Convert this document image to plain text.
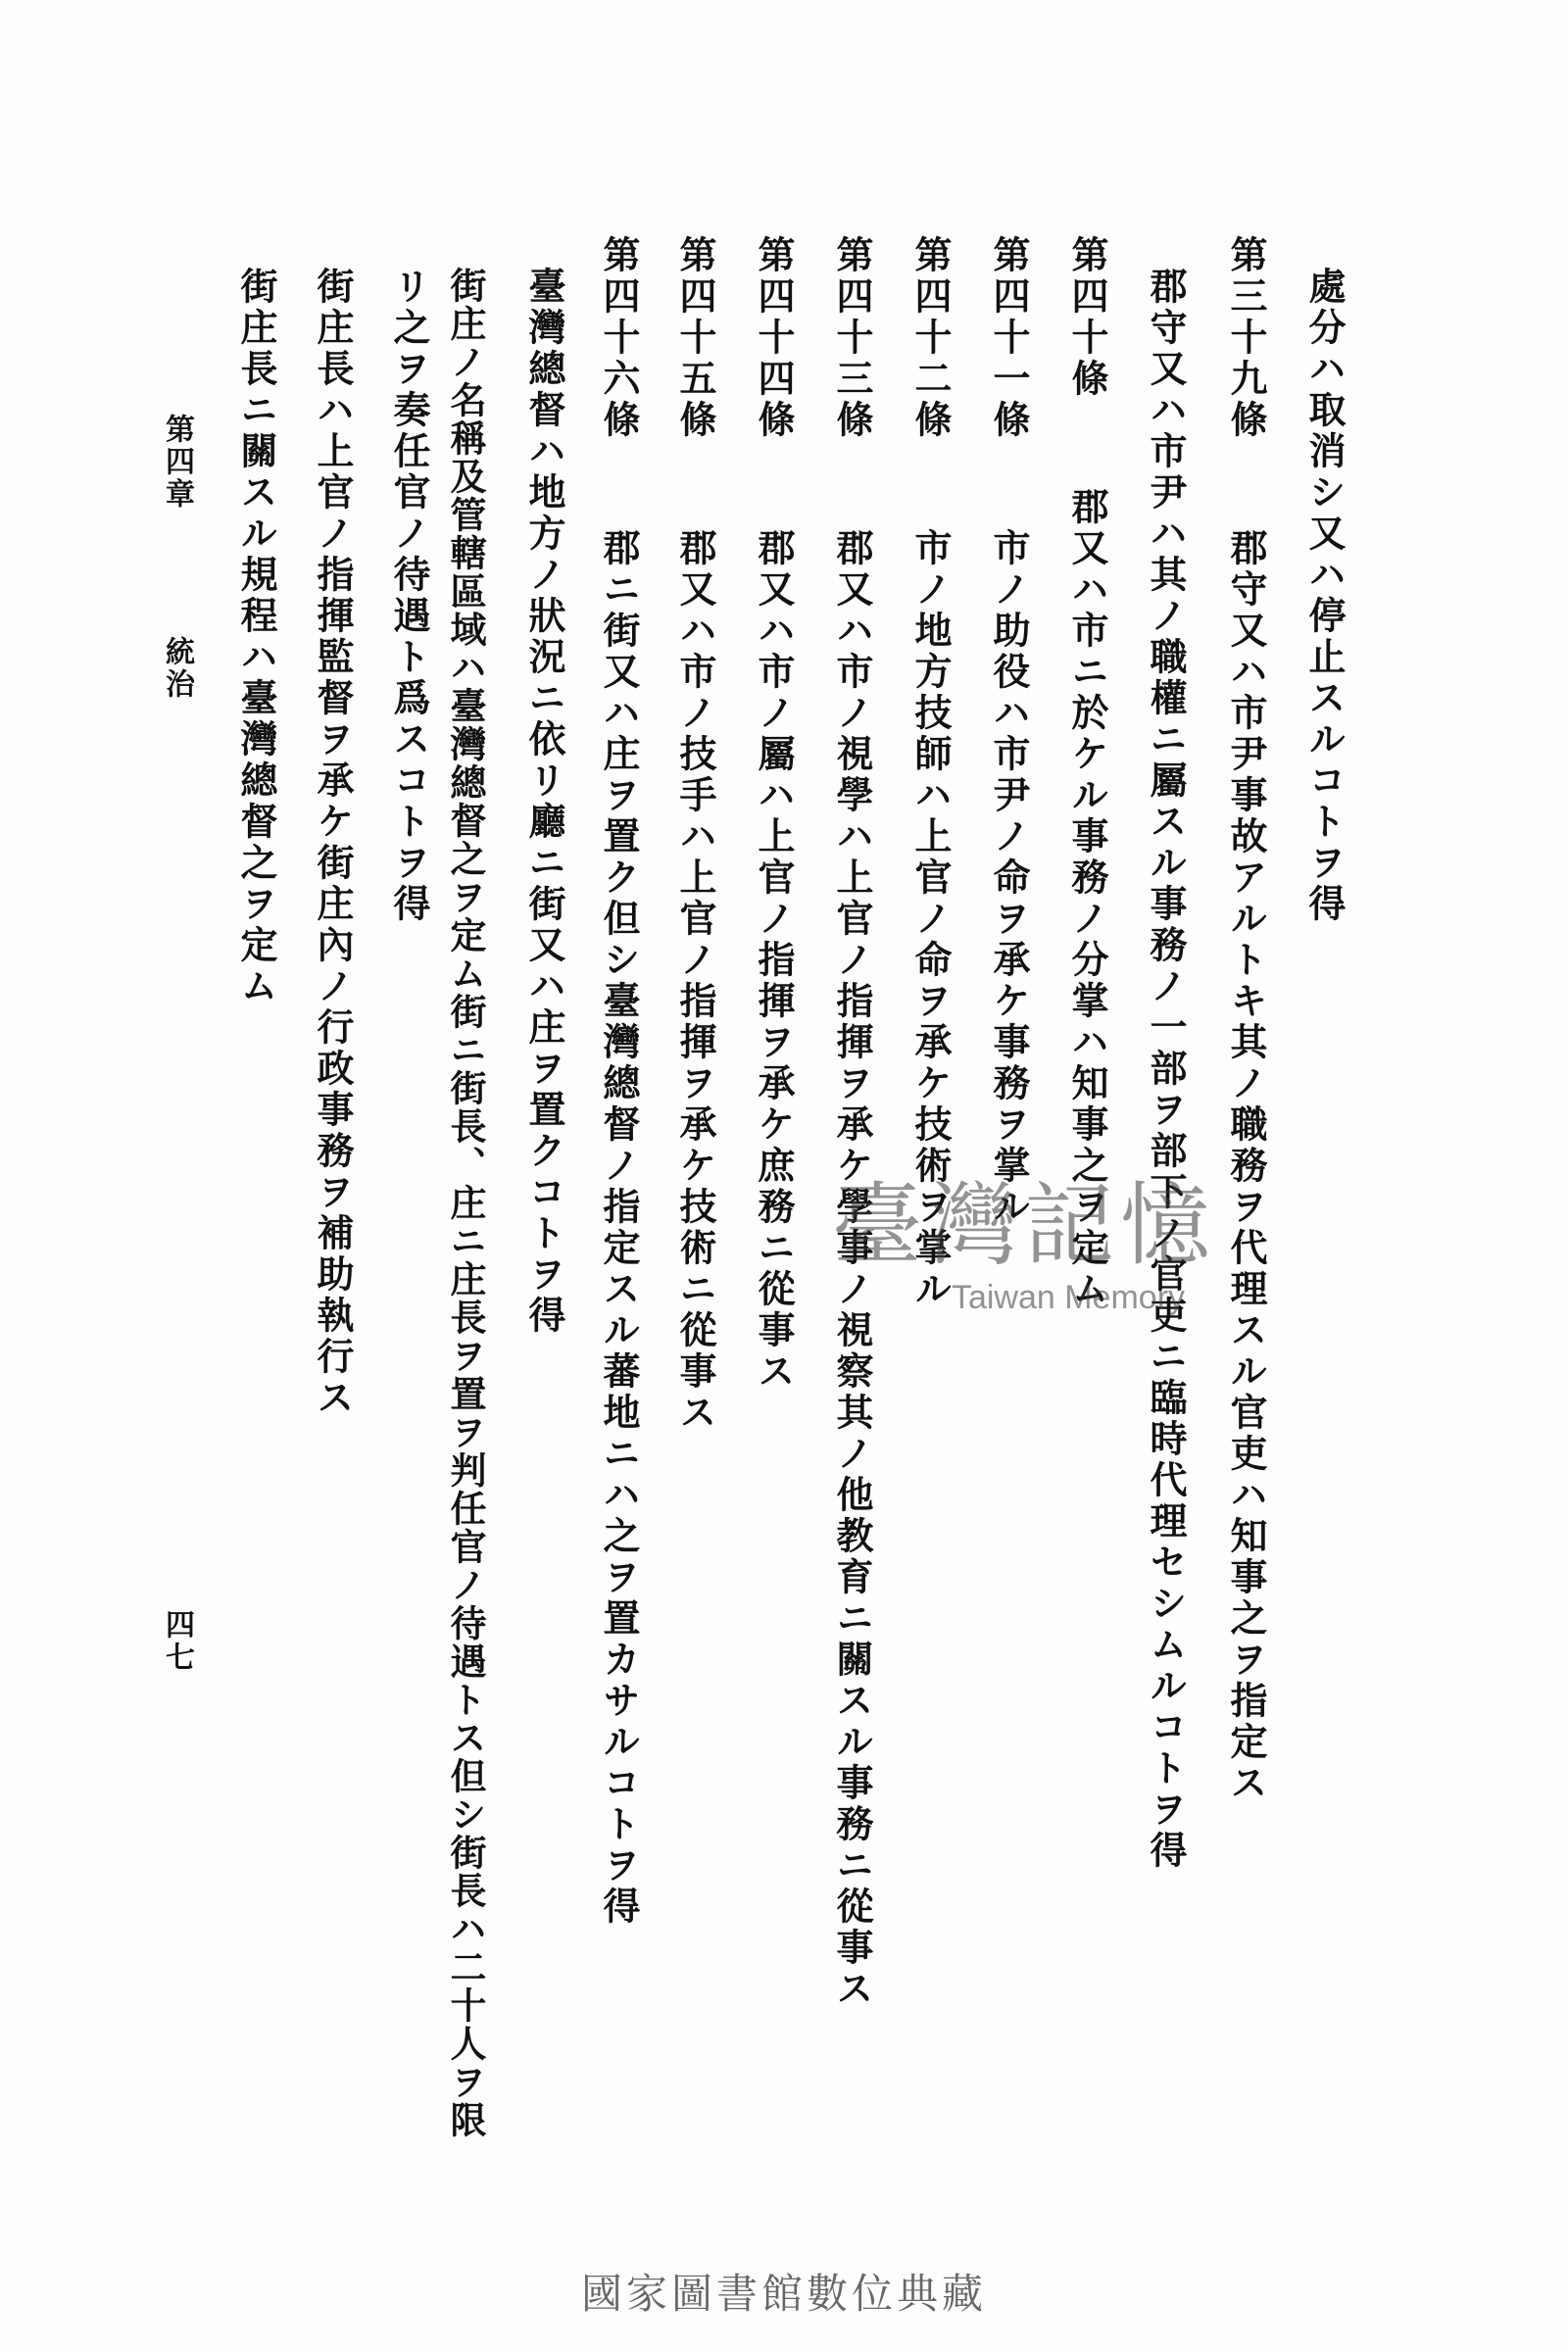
處分ハ取消シ又ハ停止スルコトヲ得
第三十九條 郡守又ハ市尹事故アルトキ其ノ職務ヲ代理スル官吏ハ知事之ヲ指定ス
郡守又ハ市尹ハ其ノ職權ニ屬スル事務ノ一部ヲ部下ノ官吏ニ臨時代理セシムルコトヲ得
第四十條 郡又ハ市ニ於ケル事務ノ分掌ハ知事之ヲ定ム
第四十一條 市ノ助役ハ市尹ノ命ヲ承ケ事務ヲ掌ル
第四十二條 市ノ地方技師ハ上官ノ命ヲ承ケ技術ヲ掌ル
第四十三條 郡又ハ市ノ視學ハ上官ノ指揮ヲ承ケ學事ノ視察其ノ他教育ニ關スル事務ニ從事ス
第四十四條 郡又ハ市ノ屬ハ上官ノ指揮ヲ承ケ庶務ニ從事ス
第四十五條 郡又ハ市ノ技手ハ上官ノ指揮ヲ承ケ技術ニ從事ス
第四十六條 郡ニ街又ハ庄ヲ置ク但シ臺灣總督ノ指定スル蕃地ニハ之ヲ置カサルコトヲ得
臺灣總督ハ地方ノ狀況ニ依リ廳ニ街又ハ庄ヲ置クコトヲ得
街庄ノ名稱及管轄區域ハ臺灣總督之ヲ定ム街ニ街長、庄ニ庄長ヲ置ヲ判任官ノ待遇トス但シ街長ハ二十人ヲ限
リ之ヲ奏任官ノ待遇ト爲スコトヲ得
街庄長ハ上官ノ指揮監督ヲ承ケ街庄內ノ行政事務ヲ補助執行ス
街庄長ニ關スル規程ハ臺灣總督之ヲ定ム
第四章 統治
四七
臺灣記憶
Taiwan Memory
國家圖書館數位典藏
